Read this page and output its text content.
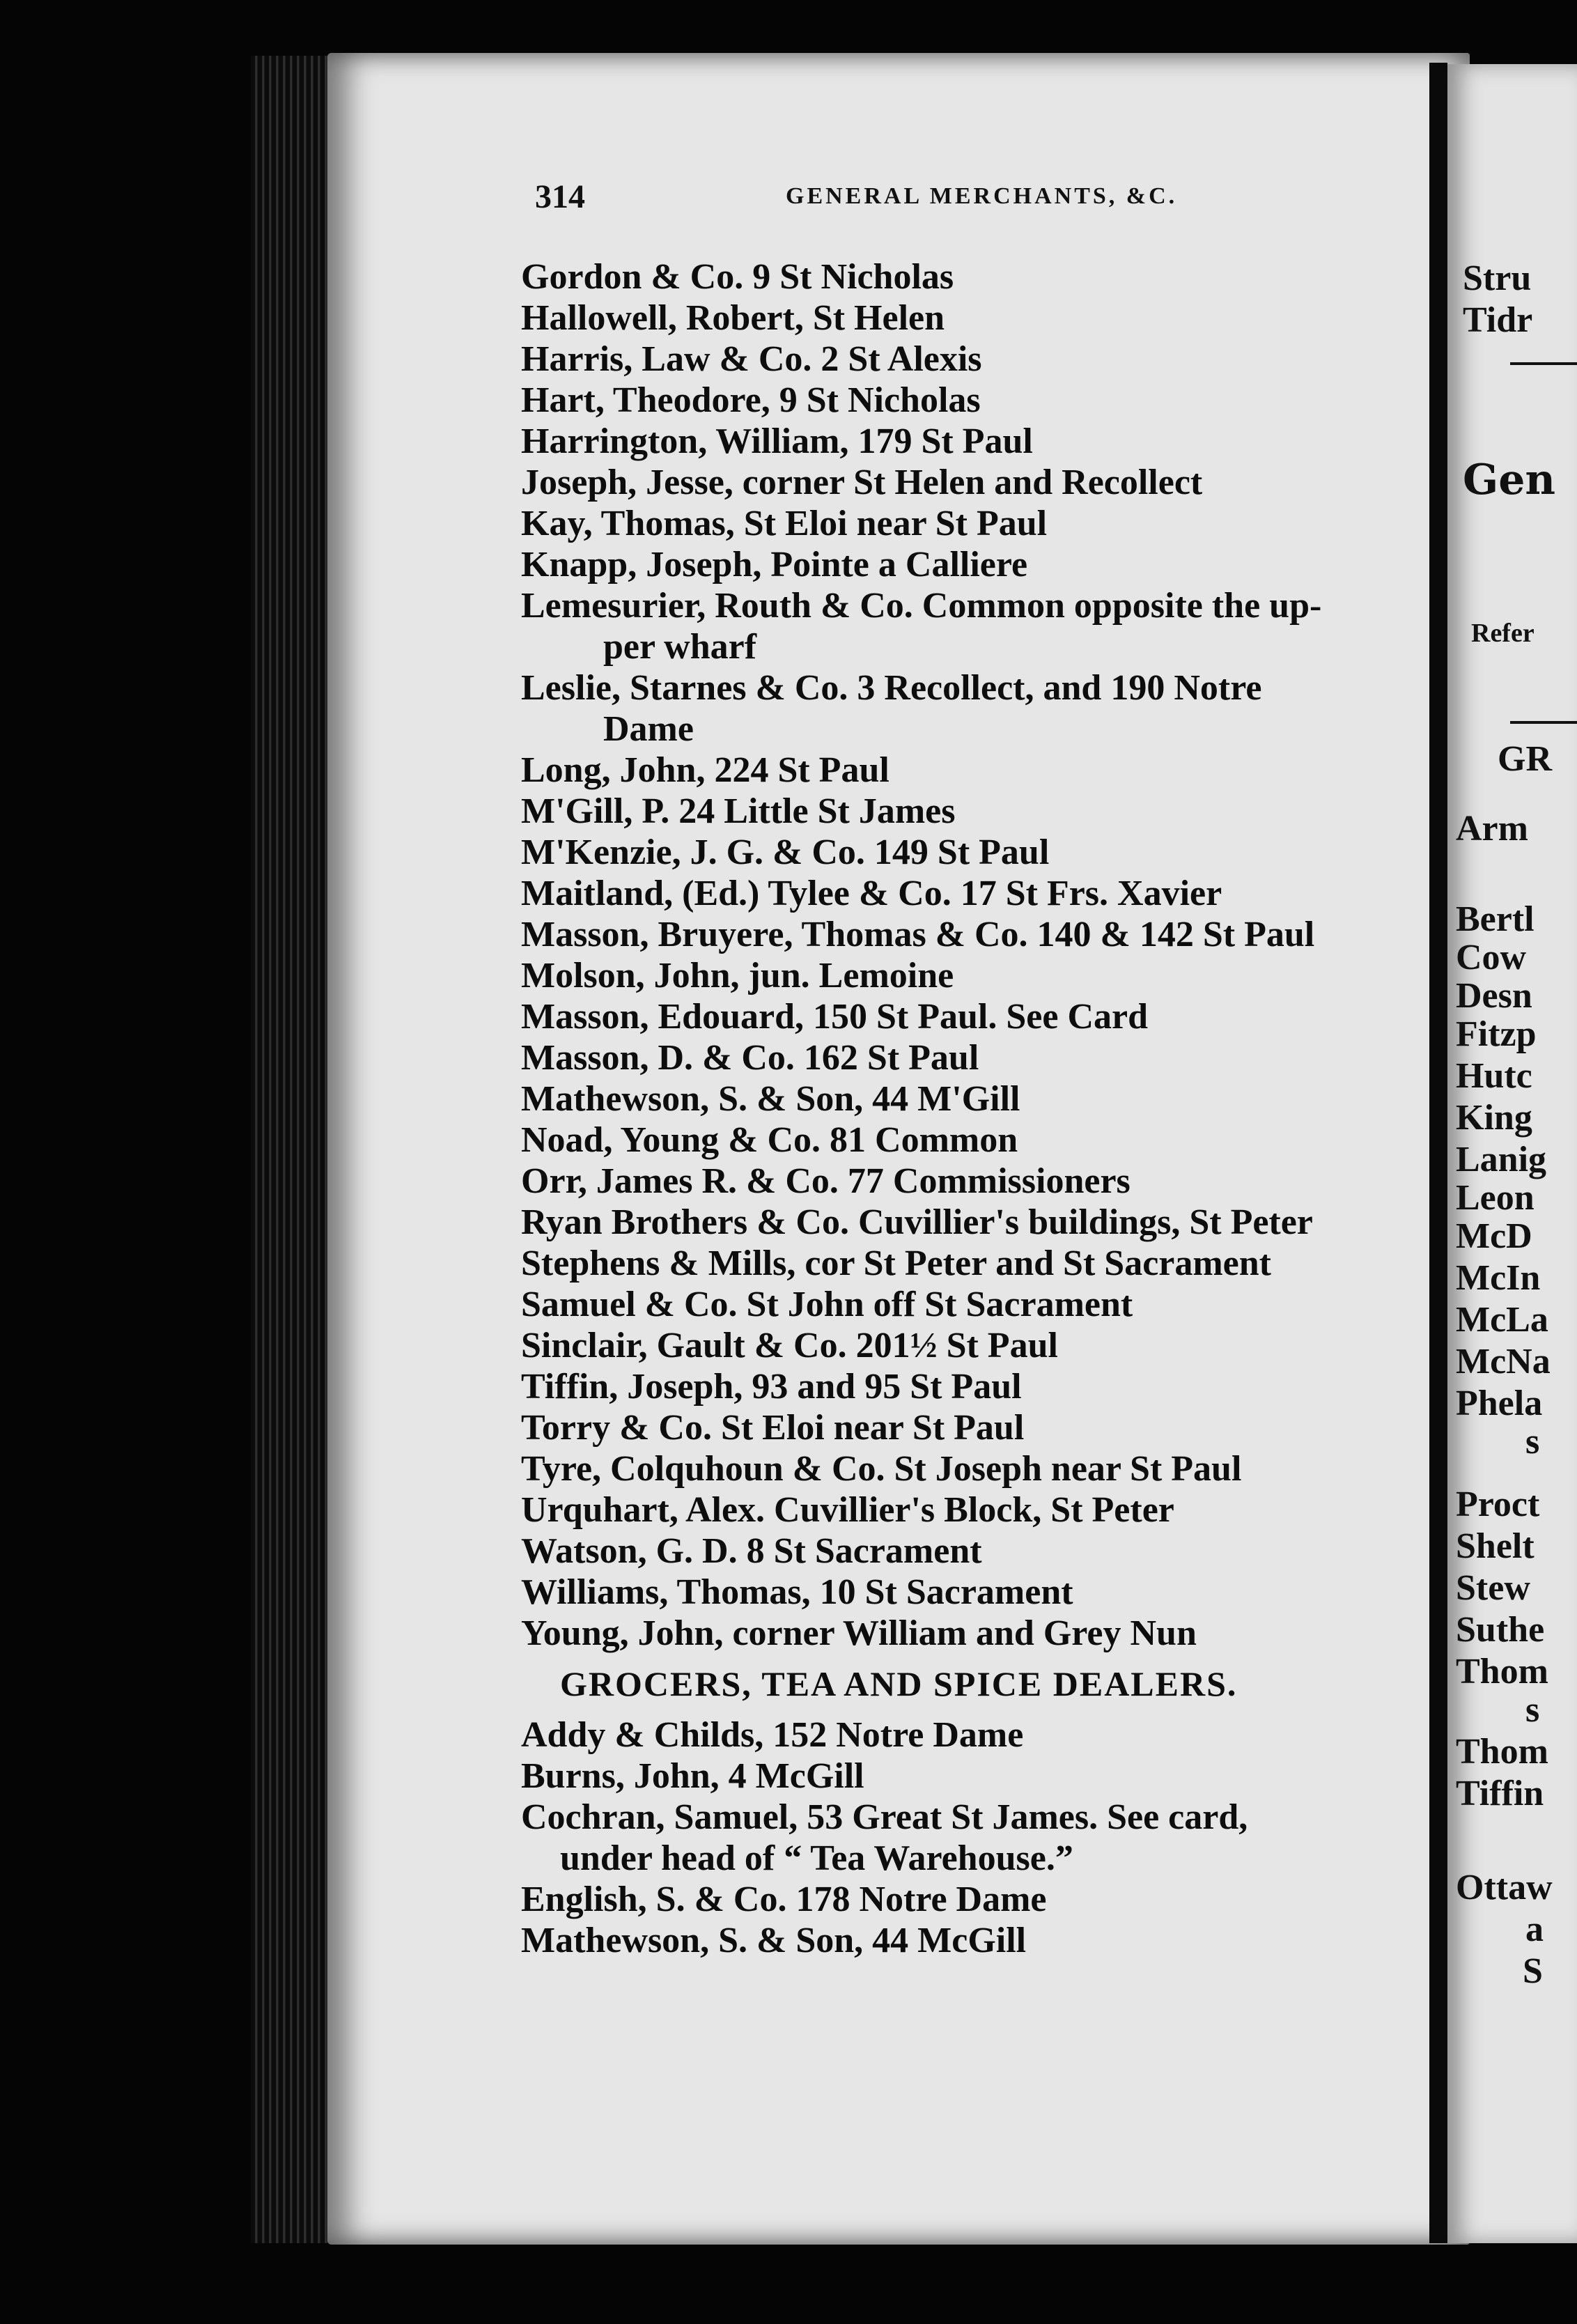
Stru
Tidr
Gen
Refer
GR
Arm
Bertl
Cow
Desn
Fitzp
Hutc
King
Lanig
Leon
McD
McIn
McLa
McNa
Phela
s
Proct
Shelt
Stew
Suthe
Thom
s
Thom
Tiffin
Ottaw
a
S
314	GENERAL MERCHANTS, &C.
Gordon & Co. 9 St Nicholas
Hallowell, Robert, St Helen
Harris, Law & Co. 2 St Alexis
Hart, Theodore, 9 St Nicholas
Harrington, William, 179 St Paul
Joseph, Jesse, corner St Helen and Recollect
Kay, Thomas, St Eloi near St Paul
Knapp, Joseph, Pointe a Calliere
Lemesurier, Routh & Co. Common opposite the up-
per wharf
Leslie, Starnes & Co. 3 Recollect, and 190 Notre
Dame
Long, John, 224 St Paul
M'Gill, P. 24 Little St James
M'Kenzie, J. G. & Co. 149 St Paul
Maitland, (Ed.) Tylee & Co. 17 St Frs. Xavier
Masson, Bruyere, Thomas & Co. 140 & 142 St Paul
Molson, John, jun. Lemoine
Masson, Edouard, 150 St Paul. See Card
Masson, D. & Co. 162 St Paul
Mathewson, S. & Son, 44 M'Gill
Noad, Young & Co. 81 Common
Orr, James R. & Co. 77 Commissioners
Ryan Brothers & Co. Cuvillier's buildings, St Peter
Stephens & Mills, cor St Peter and St Sacrament
Samuel & Co. St John off St Sacrament
Sinclair, Gault & Co. 201½ St Paul
Tiffin, Joseph, 93 and 95 St Paul
Torry & Co. St Eloi near St Paul
Tyre, Colquhoun & Co. St Joseph near St Paul
Urquhart, Alex. Cuvillier's Block, St Peter
Watson, G. D. 8 St Sacrament
Williams, Thomas, 10 St Sacrament
Young, John, corner William and Grey Nun
GROCERS, TEA AND SPICE DEALERS.
Addy & Childs, 152 Notre Dame
Burns, John, 4 McGill
Cochran, Samuel, 53 Great St James. See card,
under head of “ Tea Warehouse.”
English, S. & Co. 178 Notre Dame
Mathewson, S. & Son, 44 McGill
